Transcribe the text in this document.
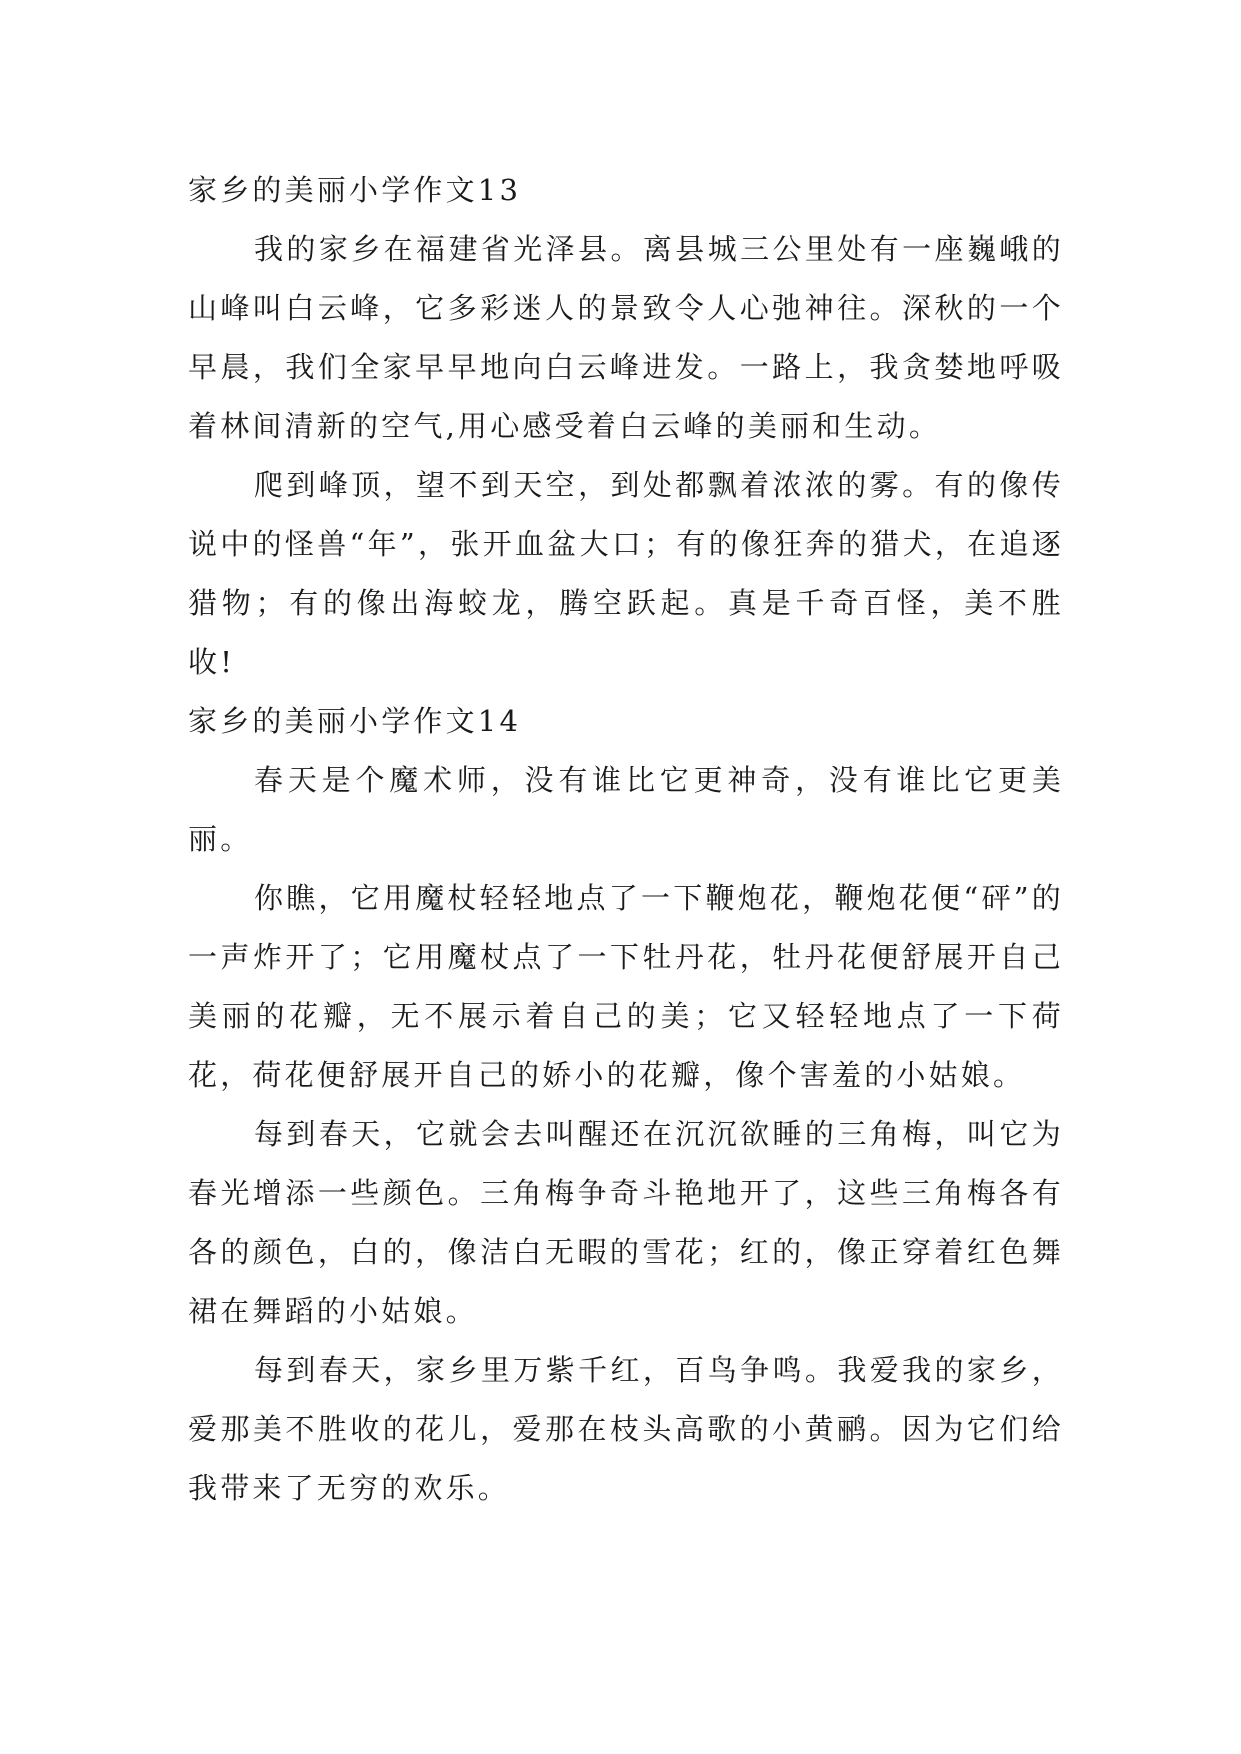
家乡的美丽小学作文13

我的家乡在福建省光泽县。离县城三公里处有一座巍峨的山峰叫白云峰，它多彩迷人的景致令人心弛神往。深秋的一个早晨，我们全家早早地向白云峰进发。一路上，我贪婪地呼吸着林间清新的空气,用心感受着白云峰的美丽和生动。

爬到峰顶，望不到天空，到处都飘着浓浓的雾。有的像传说中的怪兽“年”，张开血盆大口；有的像狂奔的猎犬，在追逐猎物；有的像出海蛟龙，腾空跃起。真是千奇百怪，美不胜收!

家乡的美丽小学作文14

春天是个魔术师，没有谁比它更神奇，没有谁比它更美丽。

你瞧，它用魔杖轻轻地点了一下鞭炮花，鞭炮花便“砰”的一声炸开了；它用魔杖点了一下牡丹花，牡丹花便舒展开自己美丽的花瓣，无不展示着自己的美；它又轻轻地点了一下荷花，荷花便舒展开自己的娇小的花瓣，像个害羞的小姑娘。

每到春天，它就会去叫醒还在沉沉欲睡的三角梅，叫它为春光增添一些颜色。三角梅争奇斗艳地开了，这些三角梅各有各的颜色，白的，像洁白无暇的雪花；红的，像正穿着红色舞裙在舞蹈的小姑娘。

每到春天，家乡里万紫千红，百鸟争鸣。我爱我的家乡，爱那美不胜收的花儿，爱那在枝头高歌的小黄鹂。因为它们给我带来了无穷的欢乐。
